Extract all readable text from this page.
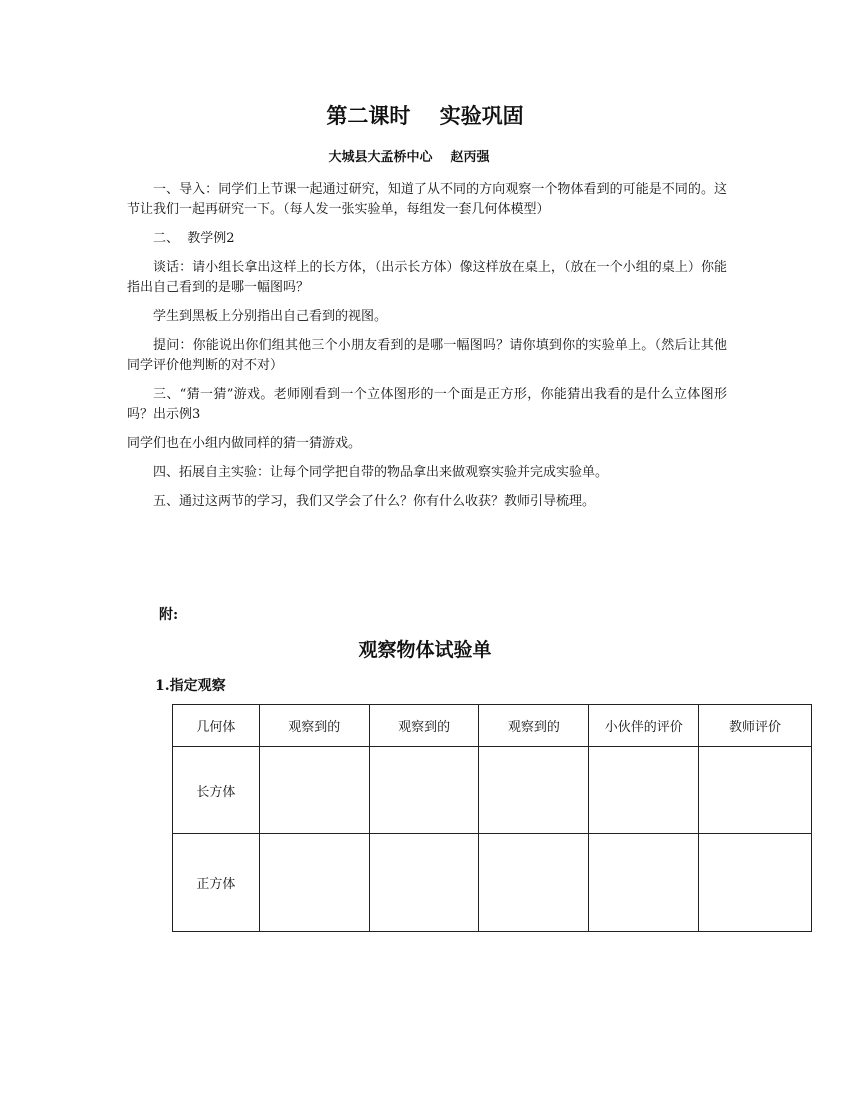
第二课时    实验巩固
大城县大孟桥中心    赵丙强

一、导入：同学们上节课一起通过研究，知道了从不同的方向观察一个物体看到的可能是不同的。这节让我们一起再研究一下。（每人发一张实验单，每组发一套几何体模型）

二、  教学例2

谈话：请小组长拿出这样上的长方体，（出示长方体）像这样放在桌上，（放在一个小组的桌上）你能指出自己看到的是哪一幅图吗？

学生到黑板上分别指出自己看到的视图。

提问：你能说出你们组其他三个小朋友看到的是哪一幅图吗？请你填到你的实验单上。（然后让其他同学评价他判断的对不对）

三、“猜一猜”游戏。老师刚看到一个立体图形的一个面是正方形，你能猜出我看的是什么立体图形吗？出示例3

同学们也在小组内做同样的猜一猜游戏。

四、拓展自主实验：让每个同学把自带的物品拿出来做观察实验并完成实验单。

五、通过这两节的学习，我们又学会了什么？你有什么收获？教师引导梳理。

附:
观察物体试验单
1.指定观察
几何体	观察到的	观察到的	观察到的	小伙伴的评价	教师评价
长方体					
正方体					
